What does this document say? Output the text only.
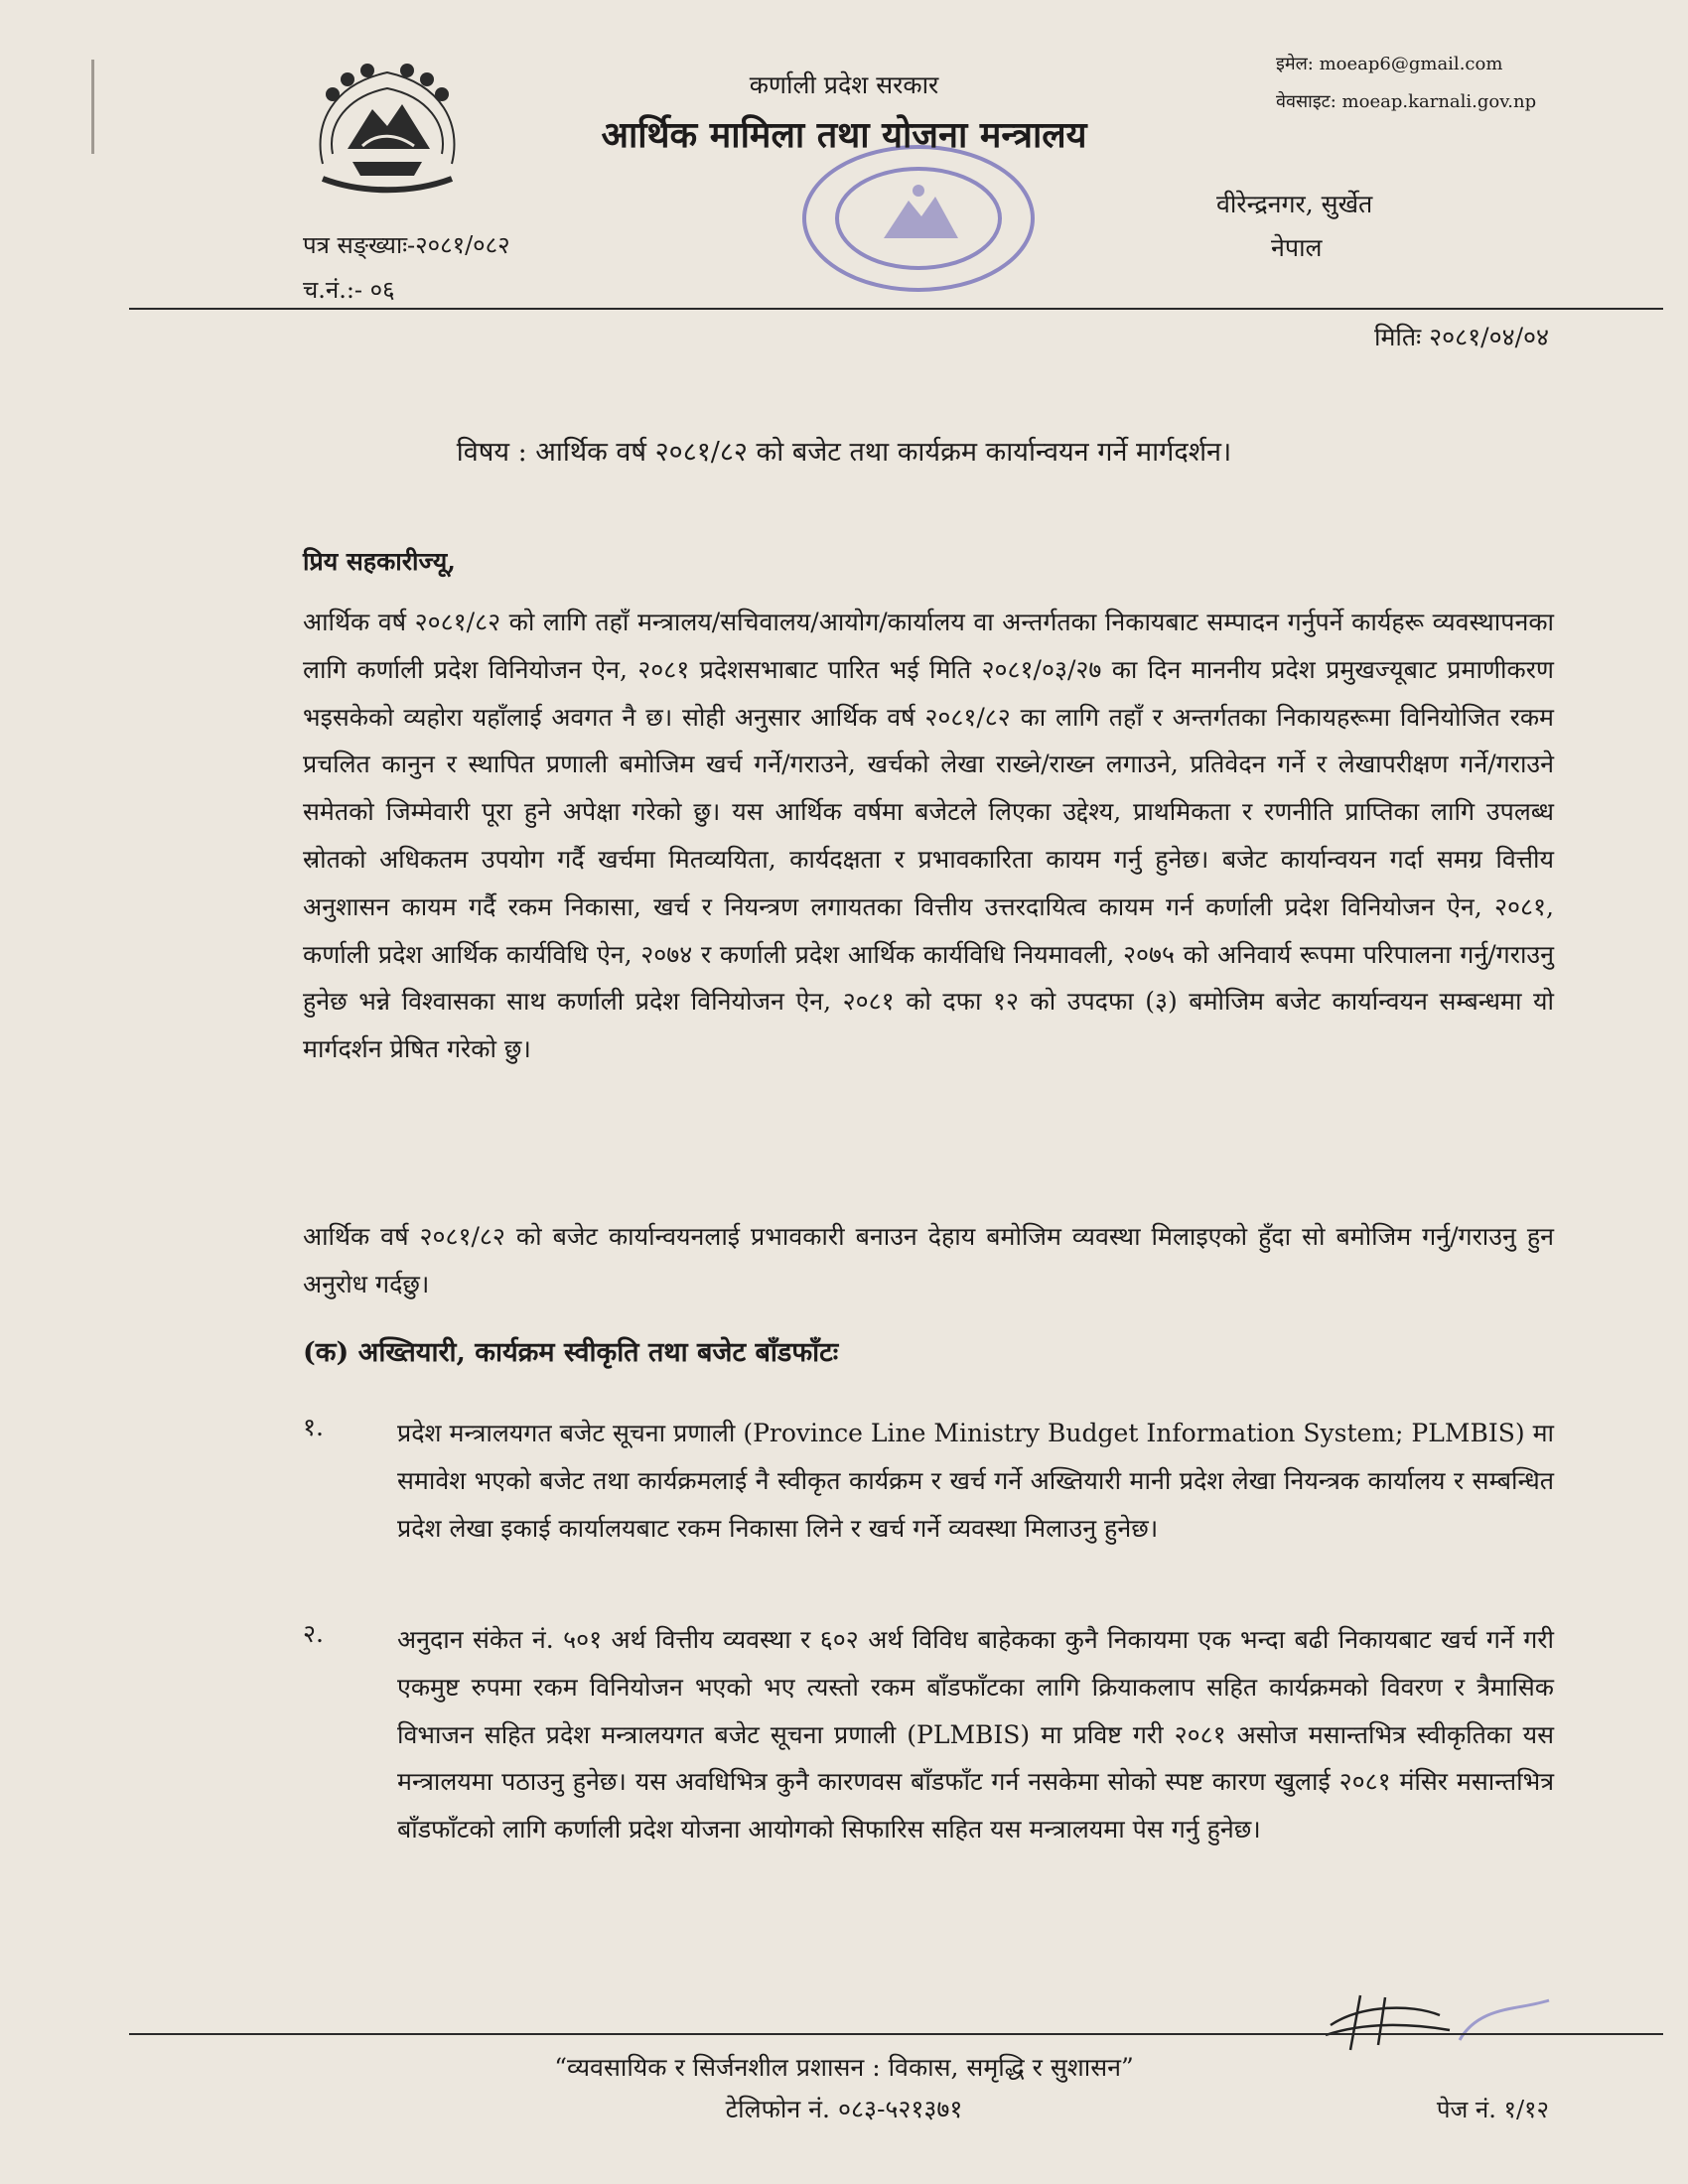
कर्णाली प्रदेश सरकार
आर्थिक मामिला तथा योजना मन्त्रालय
इमेल: moeap6@gmail.com
वेवसाइट: moeap.karnali.gov.np
वीरेन्द्रनगर, सुर्खेत
नेपाल
पत्र सङ्ख्याः-२०८१/०८२
च.नं.:- ०६
मितिः २०८१/०४/०४
विषय : आर्थिक वर्ष २०८१/८२ को बजेट तथा कार्यक्रम कार्यान्वयन गर्ने मार्गदर्शन।
प्रिय सहकारीज्यू,
आर्थिक वर्ष २०८१/८२ को लागि तहाँ मन्त्रालय/सचिवालय/आयोग/कार्यालय वा अन्तर्गतका निकायबाट सम्पादन गर्नुपर्ने कार्यहरू व्यवस्थापनका लागि कर्णाली प्रदेश विनियोजन ऐन, २०८१ प्रदेशसभाबाट पारित भई मिति २०८१/०३/२७ का दिन माननीय प्रदेश प्रमुखज्यूबाट प्रमाणीकरण भइसकेको व्यहोरा यहाँलाई अवगत नै छ। सोही अनुसार आर्थिक वर्ष २०८१/८२ का लागि तहाँ र अन्तर्गतका निकायहरूमा विनियोजित रकम प्रचलित कानुन र स्थापित प्रणाली बमोजिम खर्च गर्ने/गराउने, खर्चको लेखा राख्ने/राख्न लगाउने, प्रतिवेदन गर्ने र लेखापरीक्षण गर्ने/गराउने समेतको जिम्मेवारी पूरा हुने अपेक्षा गरेको छु। यस आर्थिक वर्षमा बजेटले लिएका उद्देश्य, प्राथमिकता र रणनीति प्राप्तिका लागि उपलब्ध स्रोतको अधिकतम उपयोग गर्दै खर्चमा मितव्ययिता, कार्यदक्षता र प्रभावकारिता कायम गर्नु हुनेछ। बजेट कार्यान्वयन गर्दा समग्र वित्तीय अनुशासन कायम गर्दै रकम निकासा, खर्च र नियन्त्रण लगायतका वित्तीय उत्तरदायित्व कायम गर्न कर्णाली प्रदेश विनियोजन ऐन, २०८१, कर्णाली प्रदेश आर्थिक कार्यविधि ऐन, २०७४ र कर्णाली प्रदेश आर्थिक कार्यविधि नियमावली, २०७५ को अनिवार्य रूपमा परिपालना गर्नु/गराउनु हुनेछ भन्ने विश्वासका साथ कर्णाली प्रदेश विनियोजन ऐन, २०८१ को दफा १२ को उपदफा (३) बमोजिम बजेट कार्यान्वयन सम्बन्धमा यो मार्गदर्शन प्रेषित गरेको छु।
आर्थिक वर्ष २०८१/८२ को बजेट कार्यान्वयनलाई प्रभावकारी बनाउन देहाय बमोजिम व्यवस्था मिलाइएको हुँदा सो बमोजिम गर्नु/गराउनु हुन अनुरोध गर्दछु।
(क) अख्तियारी, कार्यक्रम स्वीकृति तथा बजेट बाँडफाँटः
१.	प्रदेश मन्त्रालयगत बजेट सूचना प्रणाली (Province Line Ministry Budget Information System; PLMBIS) मा समावेश भएको बजेट तथा कार्यक्रमलाई नै स्वीकृत कार्यक्रम र खर्च गर्ने अख्तियारी मानी प्रदेश लेखा नियन्त्रक कार्यालय र सम्बन्धित प्रदेश लेखा इकाई कार्यालयबाट रकम निकासा लिने र खर्च गर्ने व्यवस्था मिलाउनु हुनेछ।
२.	अनुदान संकेत नं. ५०१ अर्थ वित्तीय व्यवस्था र ६०२ अर्थ विविध बाहेकका कुनै निकायमा एक भन्दा बढी निकायबाट खर्च गर्ने गरी एकमुष्ट रुपमा रकम विनियोजन भएको भए त्यस्तो रकम बाँडफाँटका लागि क्रियाकलाप सहित कार्यक्रमको विवरण र त्रैमासिक विभाजन सहित प्रदेश मन्त्रालयगत बजेट सूचना प्रणाली (PLMBIS) मा प्रविष्ट गरी २०८१ असोज मसान्तभित्र स्वीकृतिका यस मन्त्रालयमा पठाउनु हुनेछ। यस अवधिभित्र कुनै कारणवस बाँडफाँट गर्न नसकेमा सोको स्पष्ट कारण खुलाई २०८१ मंसिर मसान्तभित्र बाँडफाँटको लागि कर्णाली प्रदेश योजना आयोगको सिफारिस सहित यस मन्त्रालयमा पेस गर्नु हुनेछ।
“व्यवसायिक र सिर्जनशील प्रशासन : विकास, समृद्धि र सुशासन”
टेलिफोन नं. ०८३-५२१३७१	पेज नं. १/१२
